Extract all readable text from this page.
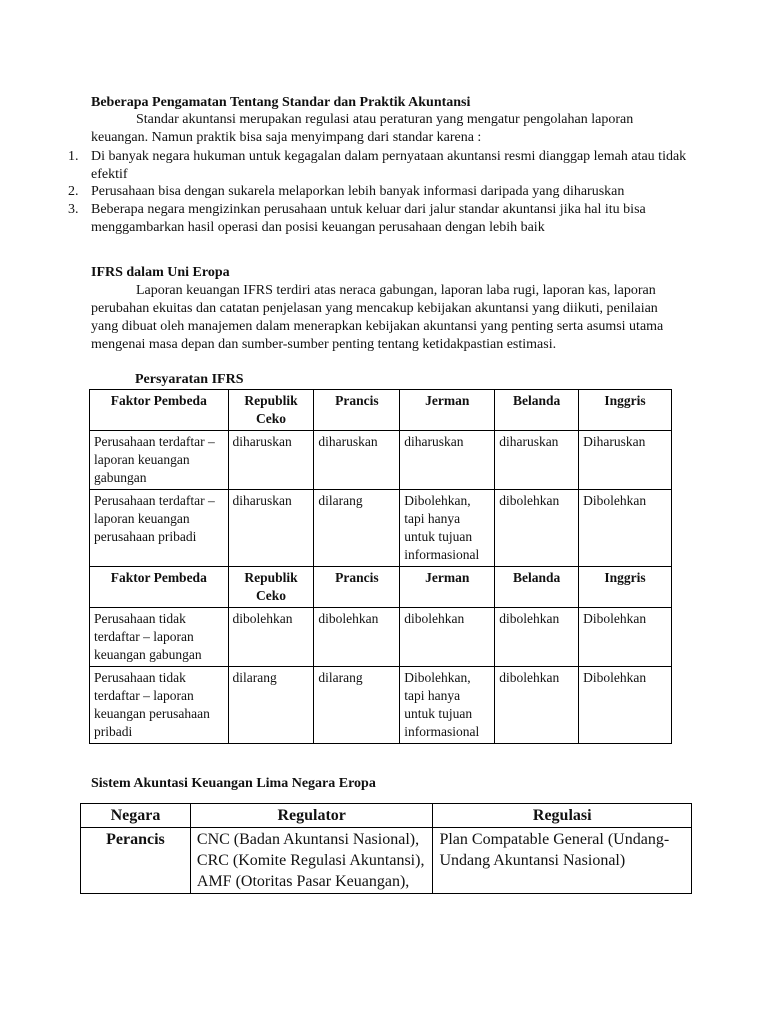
Beberapa Pengamatan Tentang Standar dan Praktik Akuntansi
Standar akuntansi merupakan regulasi atau peraturan yang mengatur pengolahan laporan keuangan. Namun praktik bisa saja menyimpang dari standar karena :
1. Di banyak negara hukuman untuk kegagalan dalam pernyataan akuntansi resmi dianggap lemah atau tidak efektif
2. Perusahaan bisa dengan sukarela melaporkan lebih banyak informasi daripada yang diharuskan
3. Beberapa negara mengizinkan perusahaan untuk keluar dari jalur standar akuntansi jika hal itu bisa menggambarkan hasil operasi dan posisi keuangan perusahaan dengan lebih baik
IFRS dalam Uni Eropa
Laporan keuangan IFRS terdiri atas neraca gabungan, laporan laba rugi, laporan kas, laporan perubahan ekuitas dan catatan penjelasan yang mencakup kebijakan akuntansi yang diikuti, penilaian yang dibuat oleh manajemen dalam menerapkan kebijakan akuntansi yang penting serta asumsi utama mengenai masa depan dan sumber-sumber penting tentang ketidakpastian estimasi.
Persyaratan IFRS
Faktor Pembeda	Republik Ceko	Prancis	Jerman	Belanda	Inggris
Perusahaan terdaftar – laporan keuangan gabungan	diharuskan	diharuskan	diharuskan	diharuskan	Diharuskan
Perusahaan terdaftar – laporan keuangan perusahaan pribadi	diharuskan	dilarang	Dibolehkan, tapi hanya untuk tujuan informasional	dibolehkan	Dibolehkan
Faktor Pembeda	Republik Ceko	Prancis	Jerman	Belanda	Inggris
Perusahaan tidak terdaftar – laporan keuangan gabungan	dibolehkan	dibolehkan	dibolehkan	dibolehkan	Dibolehkan
Perusahaan tidak terdaftar – laporan keuangan perusahaan pribadi	dilarang	dilarang	Dibolehkan, tapi hanya untuk tujuan informasional	dibolehkan	Dibolehkan
Sistem Akuntasi Keuangan Lima Negara Eropa
Negara	Regulator	Regulasi
Perancis	CNC (Badan Akuntansi Nasional), CRC (Komite Regulasi Akuntansi), AMF (Otoritas Pasar Keuangan),	Plan Compatable General (Undang-Undang Akuntansi Nasional)
